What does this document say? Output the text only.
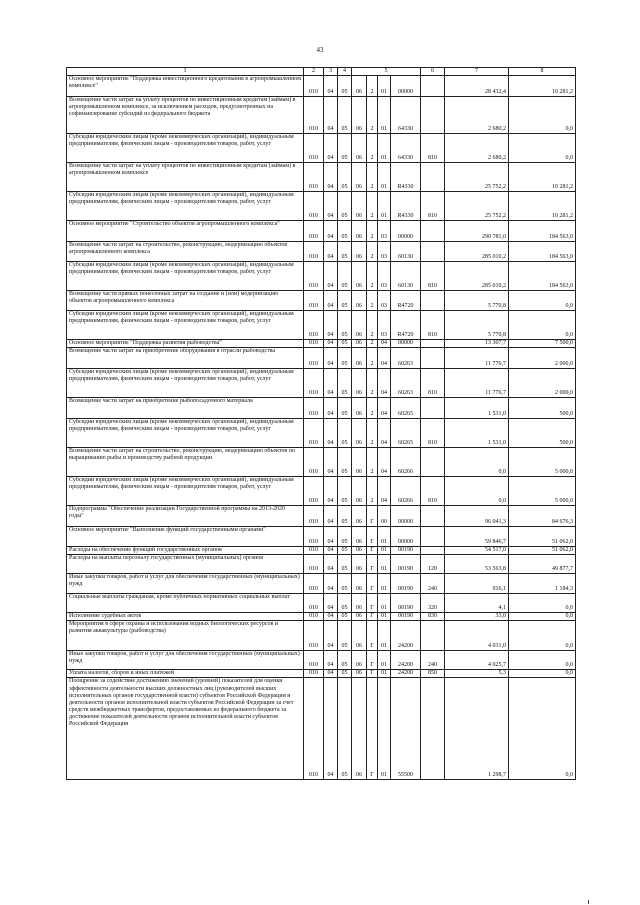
43
1	2	3	4	5				6	7	8
Основное мероприятие "Поддержка инвестиционного кредитования в агропромышленном комплексе"	010	04	05	06	2	01	00000		28 432,4	10 281,2
Возмещение части затрат на уплату процентов по инвестиционным кредитам (займам) в агропромышленном комплексе, за исключением расходов, предусмотренных на софинансирование субсидий из федерального бюджета	010	04	05	06	2	01	64330		2 680,2	0,0
Субсидии юридическим лицам (кроме некоммерческих организаций), индивидуальным предпринимателям, физическим лицам - производителям товаров, работ, услуг	010	04	05	06	2	01	64330	810	2 680,2	0,0
Возмещение части затрат на уплату процентов по инвестиционным кредитам (займам) в агропромышленном комплексе	010	04	05	06	2	01	R4330		25 752,2	10 281,2
Субсидии юридическим лицам (кроме некоммерческих организаций), индивидуальным предпринимателям, физическим лицам - производителям товаров, работ, услуг	010	04	05	06	2	01	R4330	810	25 752,2	10 281,2
Основное мероприятие "Строительство объектов агропромышленного комплекса"	010	04	05	06	2	03	00000		290 781,0	184 563,0
Возмещение части затрат на строительство, реконструкцию, модернизацию объектов агропромышленного комплекса	010	04	05	06	2	03	60130		285 010,2	184 563,0
Субсидии юридическим лицам (кроме некоммерческих организаций), индивидуальным предпринимателям, физическим лицам - производителям товаров, работ, услуг	010	04	05	06	2	03	60130	810	285 010,2	184 563,0
Возмещение части прямых понесенных затрат на создание и (или) модернизацию объектов агропромышленного комплекса	010	04	05	06	2	03	R4720		5 770,8	0,0
Субсидии юридическим лицам (кроме некоммерческих организаций), индивидуальным предпринимателям, физическим лицам - производителям товаров, работ, услуг	010	04	05	06	2	03	R4720	810	5 770,8	0,0
Основное мероприятие "Поддержка развития рыбоводства"	010	04	05	06	2	04	00000		13 307,7	7 500,0
Возмещение части затрат на приобретение оборудования в отрасли рыбоводства	010	04	05	06	2	04	60263		11 776,7	2 000,0
Субсидии юридическим лицам (кроме некоммерческих организаций), индивидуальным предпринимателям, физическим лицам - производителям товаров, работ, услуг	010	04	05	06	2	04	60263	810	11 776,7	2 000,0
Возмещение части затрат на приобретение рыбопосадочного материала	010	04	05	06	2	04	60265		1 531,0	500,0
Субсидии юридическим лицам (кроме некоммерческих организаций), индивидуальным предпринимателям, физическим лицам - производителям товаров, работ, услуг	010	04	05	06	2	04	60265	810	1 531,0	500,0
Возмещение части затрат на строительство, реконструкцию, модернизацию объектов по выращиванию рыбы и производству рыбной продукции	010	04	05	06	2	04	60266		0,0	5 000,0
Субсидии юридическим лицам (кроме некоммерческих организаций), индивидуальным предпринимателям, физическим лицам - производителям товаров, работ, услуг	010	04	05	06	2	04	60266	810	0,0	5 000,0
Подпрограмма "Обеспечение реализации Государственной программы на 2013-2020 годы"	010	04	05	06	Г	00	00000		96 041,3	84 676,3
Основное мероприятие "Выполнение функций государственными органами"	010	04	05	06	Г	01	00000		59 846,7	51 062,0
Расходы на обеспечение функций государственных органов	010	04	05	06	Г	01	00190		54 517,0	51 062,0
Расходы на выплаты персоналу государственных (муниципальных) органов	010	04	05	06	Г	01	00190	120	53 563,8	49 877,7
Иные закупки товаров, работ и услуг для обеспечения государственных (муниципальных) нужд	010	04	05	06	Г	01	00190	240	916,1	1 184,3
Социальные выплаты гражданам, кроме публичных нормативных социальных выплат	010	04	05	06	Г	01	00190	320	4,1	0,0
Исполнение судебных актов	010	04	05	06	Г	01	00190	830	33,0	0,0
Мероприятия в сфере охраны и использования водных биологических ресурсов и развития аквакультуры (рыбоводства)	010	04	05	06	Г	01	24200		4 031,0	0,0
Иные закупки товаров, работ и услуг для обеспечения государственных (муниципальных) нужд	010	04	05	06	Г	01	24200	240	4 025,7	0,0
Уплата налогов, сборов и иных платежей	010	04	05	06	Г	01	24200	850	5,3	0,0
Поощрение за содействие достижению значений (уровней) показателей для оценки эффективности деятельности высших должностных лиц (руководителей высших исполнительных органов государственной власти) субъектов Российской Федерации и деятельности органов исполнительной власти субъектов Российской Федерации за счет средств межбюджетных трансфертов, предоставляемых из федерального бюджета за достижение показателей деятельности органов исполнительной власти субъектов Российской Федерации	010	04	05	06	Г	01	55500		1 298,7	0,0
